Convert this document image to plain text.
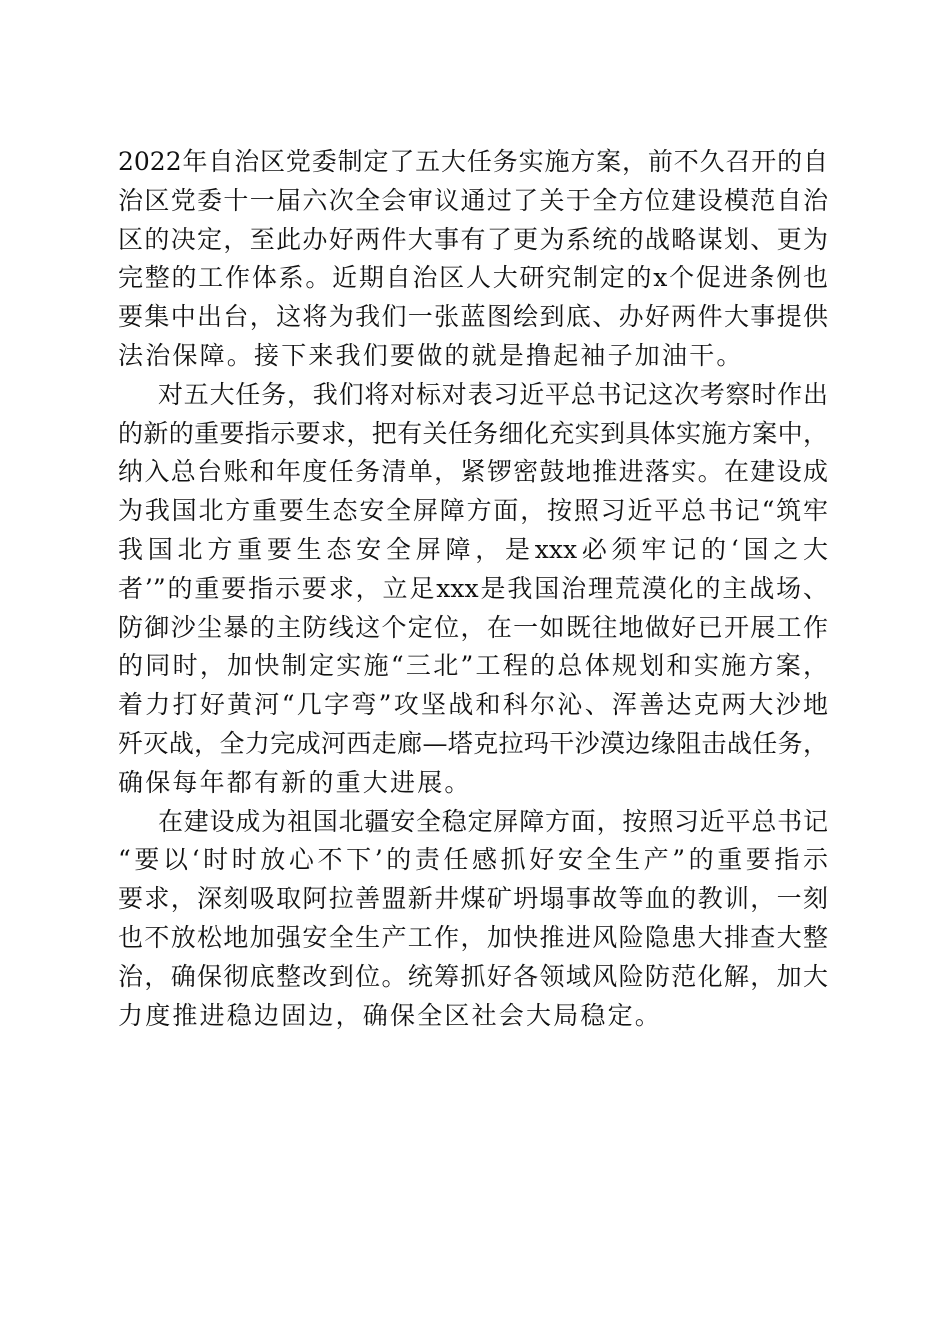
2022年自治区党委制定了五大任务实施方案，前不久召开的自
治区党委十一届六次全会审议通过了关于全方位建设模范自治
区的决定，至此办好两件大事有了更为系统的战略谋划、更为
完整的工作体系。近期自治区人大研究制定的x个促进条例也
要集中出台，这将为我们一张蓝图绘到底、办好两件大事提供
法治保障。接下来我们要做的就是撸起袖子加油干。
对五大任务，我们将对标对表习近平总书记这次考察时作出
的新的重要指示要求，把有关任务细化充实到具体实施方案中，
纳入总台账和年度任务清单，紧锣密鼓地推进落实。在建设成
为我国北方重要生态安全屏障方面，按照习近平总书记“筑牢
我国北方重要生态安全屏障，是xxx必须牢记的‘国之大
者’”的重要指示要求，立足xxx是我国治理荒漠化的主战场、
防御沙尘暴的主防线这个定位，在一如既往地做好已开展工作
的同时，加快制定实施“三北”工程的总体规划和实施方案，
着力打好黄河“几字弯”攻坚战和科尔沁、浑善达克两大沙地
歼灭战，全力完成河西走廊—塔克拉玛干沙漠边缘阻击战任务，
确保每年都有新的重大进展。
在建设成为祖国北疆安全稳定屏障方面，按照习近平总书记
“要以‘时时放心不下’的责任感抓好安全生产”的重要指示
要求，深刻吸取阿拉善盟新井煤矿坍塌事故等血的教训，一刻
也不放松地加强安全生产工作，加快推进风险隐患大排查大整
治，确保彻底整改到位。统筹抓好各领域风险防范化解，加大
力度推进稳边固边，确保全区社会大局稳定。
